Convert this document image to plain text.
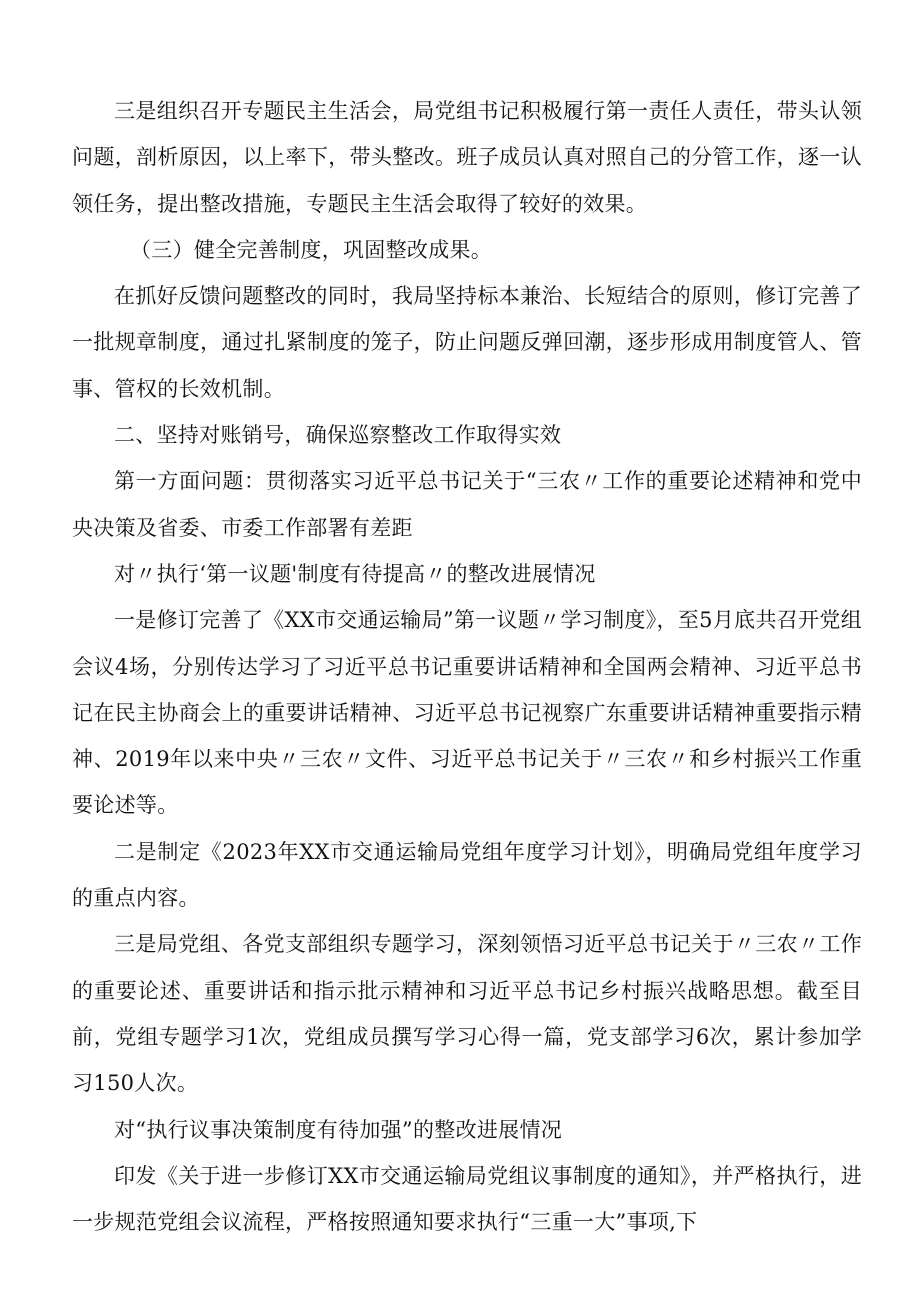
三是组织召开专题民主生活会，局党组书记积极履行第一责任人责任，带头认领问题，剖析原因，以上率下，带头整改。班子成员认真对照自己的分管工作，逐一认领任务，提出整改措施，专题民主生活会取得了较好的效果。

（三）健全完善制度，巩固整改成果。

在抓好反馈问题整改的同时，我局坚持标本兼治、长短结合的原则，修订完善了一批规章制度，通过扎紧制度的笼子，防止问题反弹回潮，逐步形成用制度管人、管事、管权的长效机制。

二、坚持对账销号，确保巡察整改工作取得实效

第一方面问题：贯彻落实习近平总书记关于“三农〃工作的重要论述精神和党中央决策及省委、市委工作部署有差距

对〃执行‘第一议题'制度有待提高〃的整改进展情况

一是修订完善了《XX市交通运输局”第一议题〃学习制度》，至5月底共召开党组会议4场，分别传达学习了习近平总书记重要讲话精神和全国两会精神、习近平总书记在民主协商会上的重要讲话精神、习近平总书记视察广东重要讲话精神重要指示精神、2019年以来中央〃三农〃文件、习近平总书记关于〃三农〃和乡村振兴工作重要论述等。

二是制定《2023年XX市交通运输局党组年度学习计划》，明确局党组年度学习的重点内容。

三是局党组、各党支部组织专题学习，深刻领悟习近平总书记关于〃三农〃工作的重要论述、重要讲话和指示批示精神和习近平总书记乡村振兴战略思想。截至目前，党组专题学习1次，党组成员撰写学习心得一篇，党支部学习6次，累计参加学习150人次。

对“执行议事决策制度有待加强”的整改进展情况

印发《关于进一步修订XX市交通运输局党组议事制度的通知》，并严格执行，进一步规范党组会议流程，严格按照通知要求执行“三重一大”事项,下
